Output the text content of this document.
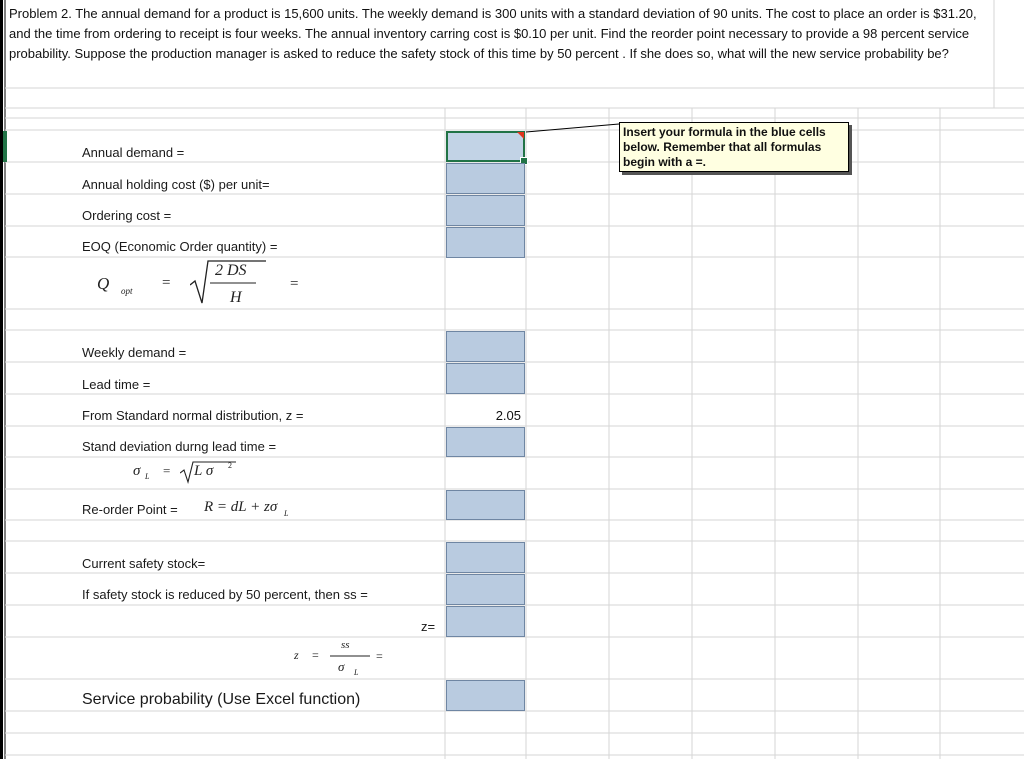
Problem 2. The annual demand for a product is 15,600 units. The weekly demand is 300 units with a standard deviation of 90 units. The cost to place an order is $31.20, and the time from ordering to receipt is four weeks. The annual inventory carring cost is $0.10 per unit. Find the reorder point necessary to provide a 98 percent service probability. Suppose the production manager is asked to reduce the safety stock of this time by 50 percent . If she does so, what will the new service probability be?
Annual demand =
Annual holding cost ($) per unit=
Ordering cost =
EOQ (Economic Order quantity) =
Q opt =
2 DS
H
=
Weekly demand =
Lead time =
From Standard normal distribution, z =	2.05
Stand deviation durng lead time =
σ L = L σ 2
Re-order Point = R = dL + zσ L
Current safety stock=
If safety stock is reduced by 50 percent, then ss =
z=
z =
ss
σ L
=
Service probability (Use Excel function)
Insert your formula in the blue cells below. Remember that all formulas begin with a =.
